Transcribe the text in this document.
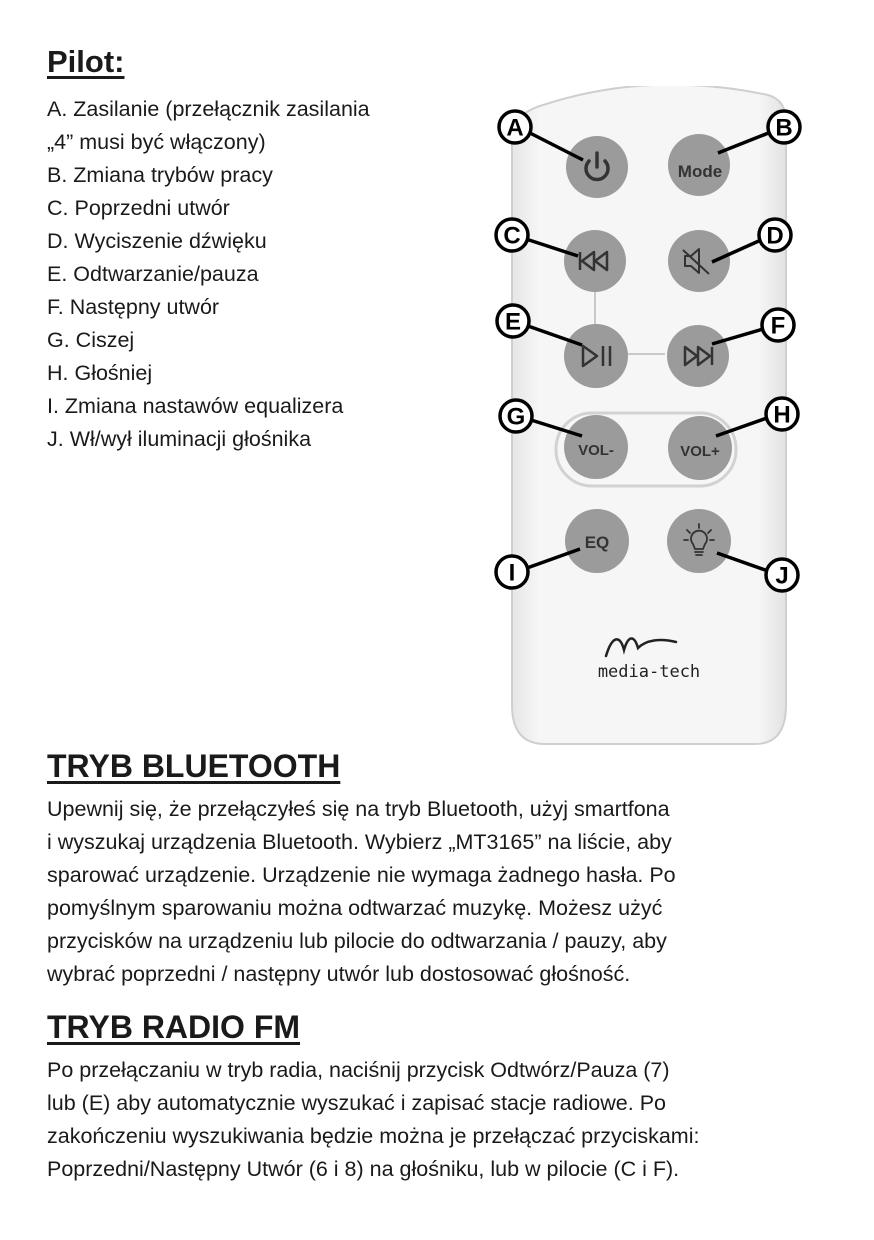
Pilot:
A. Zasilanie (przełącznik zasilania
„4” musi być włączony)
B. Zmiana trybów pracy
C. Poprzedni utwór
D. Wyciszenie dźwięku
E. Odtwarzanie/pauza
F. Następny utwór
G. Ciszej
H. Głośniej
I. Zmiana nastawów equalizera
J. Wł/wył iluminacji głośnika
Mode
VOL-	VOL+
EQ
A	B
C	D
E	F
G	H
I	J
media-tech
TRYB BLUETOOTH
Upewnij się, że przełączyłeś się na tryb Bluetooth, użyj smartfona
i wyszukaj urządzenia Bluetooth. Wybierz „MT3165” na liście, aby
sparować urządzenie. Urządzenie nie wymaga żadnego hasła. Po
pomyślnym sparowaniu można odtwarzać muzykę. Możesz użyć
przycisków na urządzeniu lub pilocie do odtwarzania / pauzy, aby
wybrać poprzedni / następny utwór lub dostosować głośność.
TRYB RADIO FM
Po przełączaniu w tryb radia, naciśnij przycisk Odtwórz/Pauza (7)
lub (E) aby automatycznie wyszukać i zapisać stacje radiowe. Po
zakończeniu wyszukiwania będzie można je przełączać przyciskami:
Poprzedni/Następny Utwór (6 i 8) na głośniku, lub w pilocie (C i F).
